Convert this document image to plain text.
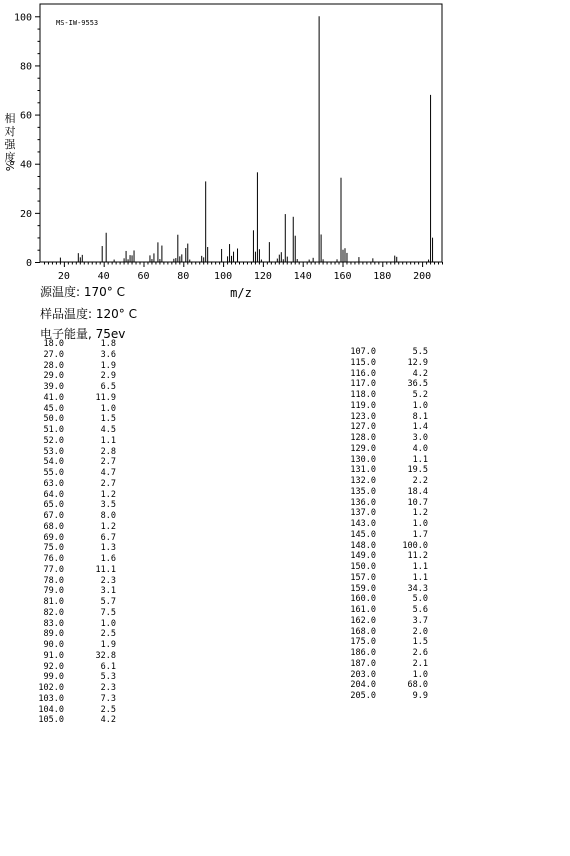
20	40	60	80 100 120 140 160 180 200
0
20
40
60
80
100	MS-IW-9553
m/z
相
对
强
度
%
源温度: 170° C
样品温度: 120° C
电子能量, 75ev
18.0	1.8
27.0	3.6
28.0	1.9
29.0	2.9
39.0	6.5
41.0	11.9
45.0	1.0
50.0	1.5
51.0	4.5
52.0	1.1
53.0	2.8
54.0	2.7
55.0	4.7
63.0	2.7
64.0	1.2
65.0	3.5
67.0	8.0
68.0	1.2
69.0	6.7
75.0	1.3
76.0	1.6
77.0	11.1
78.0	2.3
79.0	3.1
81.0	5.7
82.0	7.5
83.0	1.0
89.0	2.5
90.0	1.9
91.0	32.8
92.0	6.1
99.0	5.3
102.0	2.3
103.0	7.3
104.0	2.5
105.0	4.2
107.0	5.5
115.0	12.9
116.0	4.2
117.0	36.5
118.0	5.2
119.0	1.0
123.0	8.1
127.0	1.4
128.0	3.0
129.0	4.0
130.0	1.1
131.0	19.5
132.0	2.2
135.0	18.4
136.0	10.7
137.0	1.2
143.0	1.0
145.0	1.7
148.0	100.0
149.0	11.2
150.0	1.1
157.0	1.1
159.0	34.3
160.0	5.0
161.0	5.6
162.0	3.7
168.0	2.0
175.0	1.5
186.0	2.6
187.0	2.1
203.0	1.0
204.0	68.0
205.0	9.9
